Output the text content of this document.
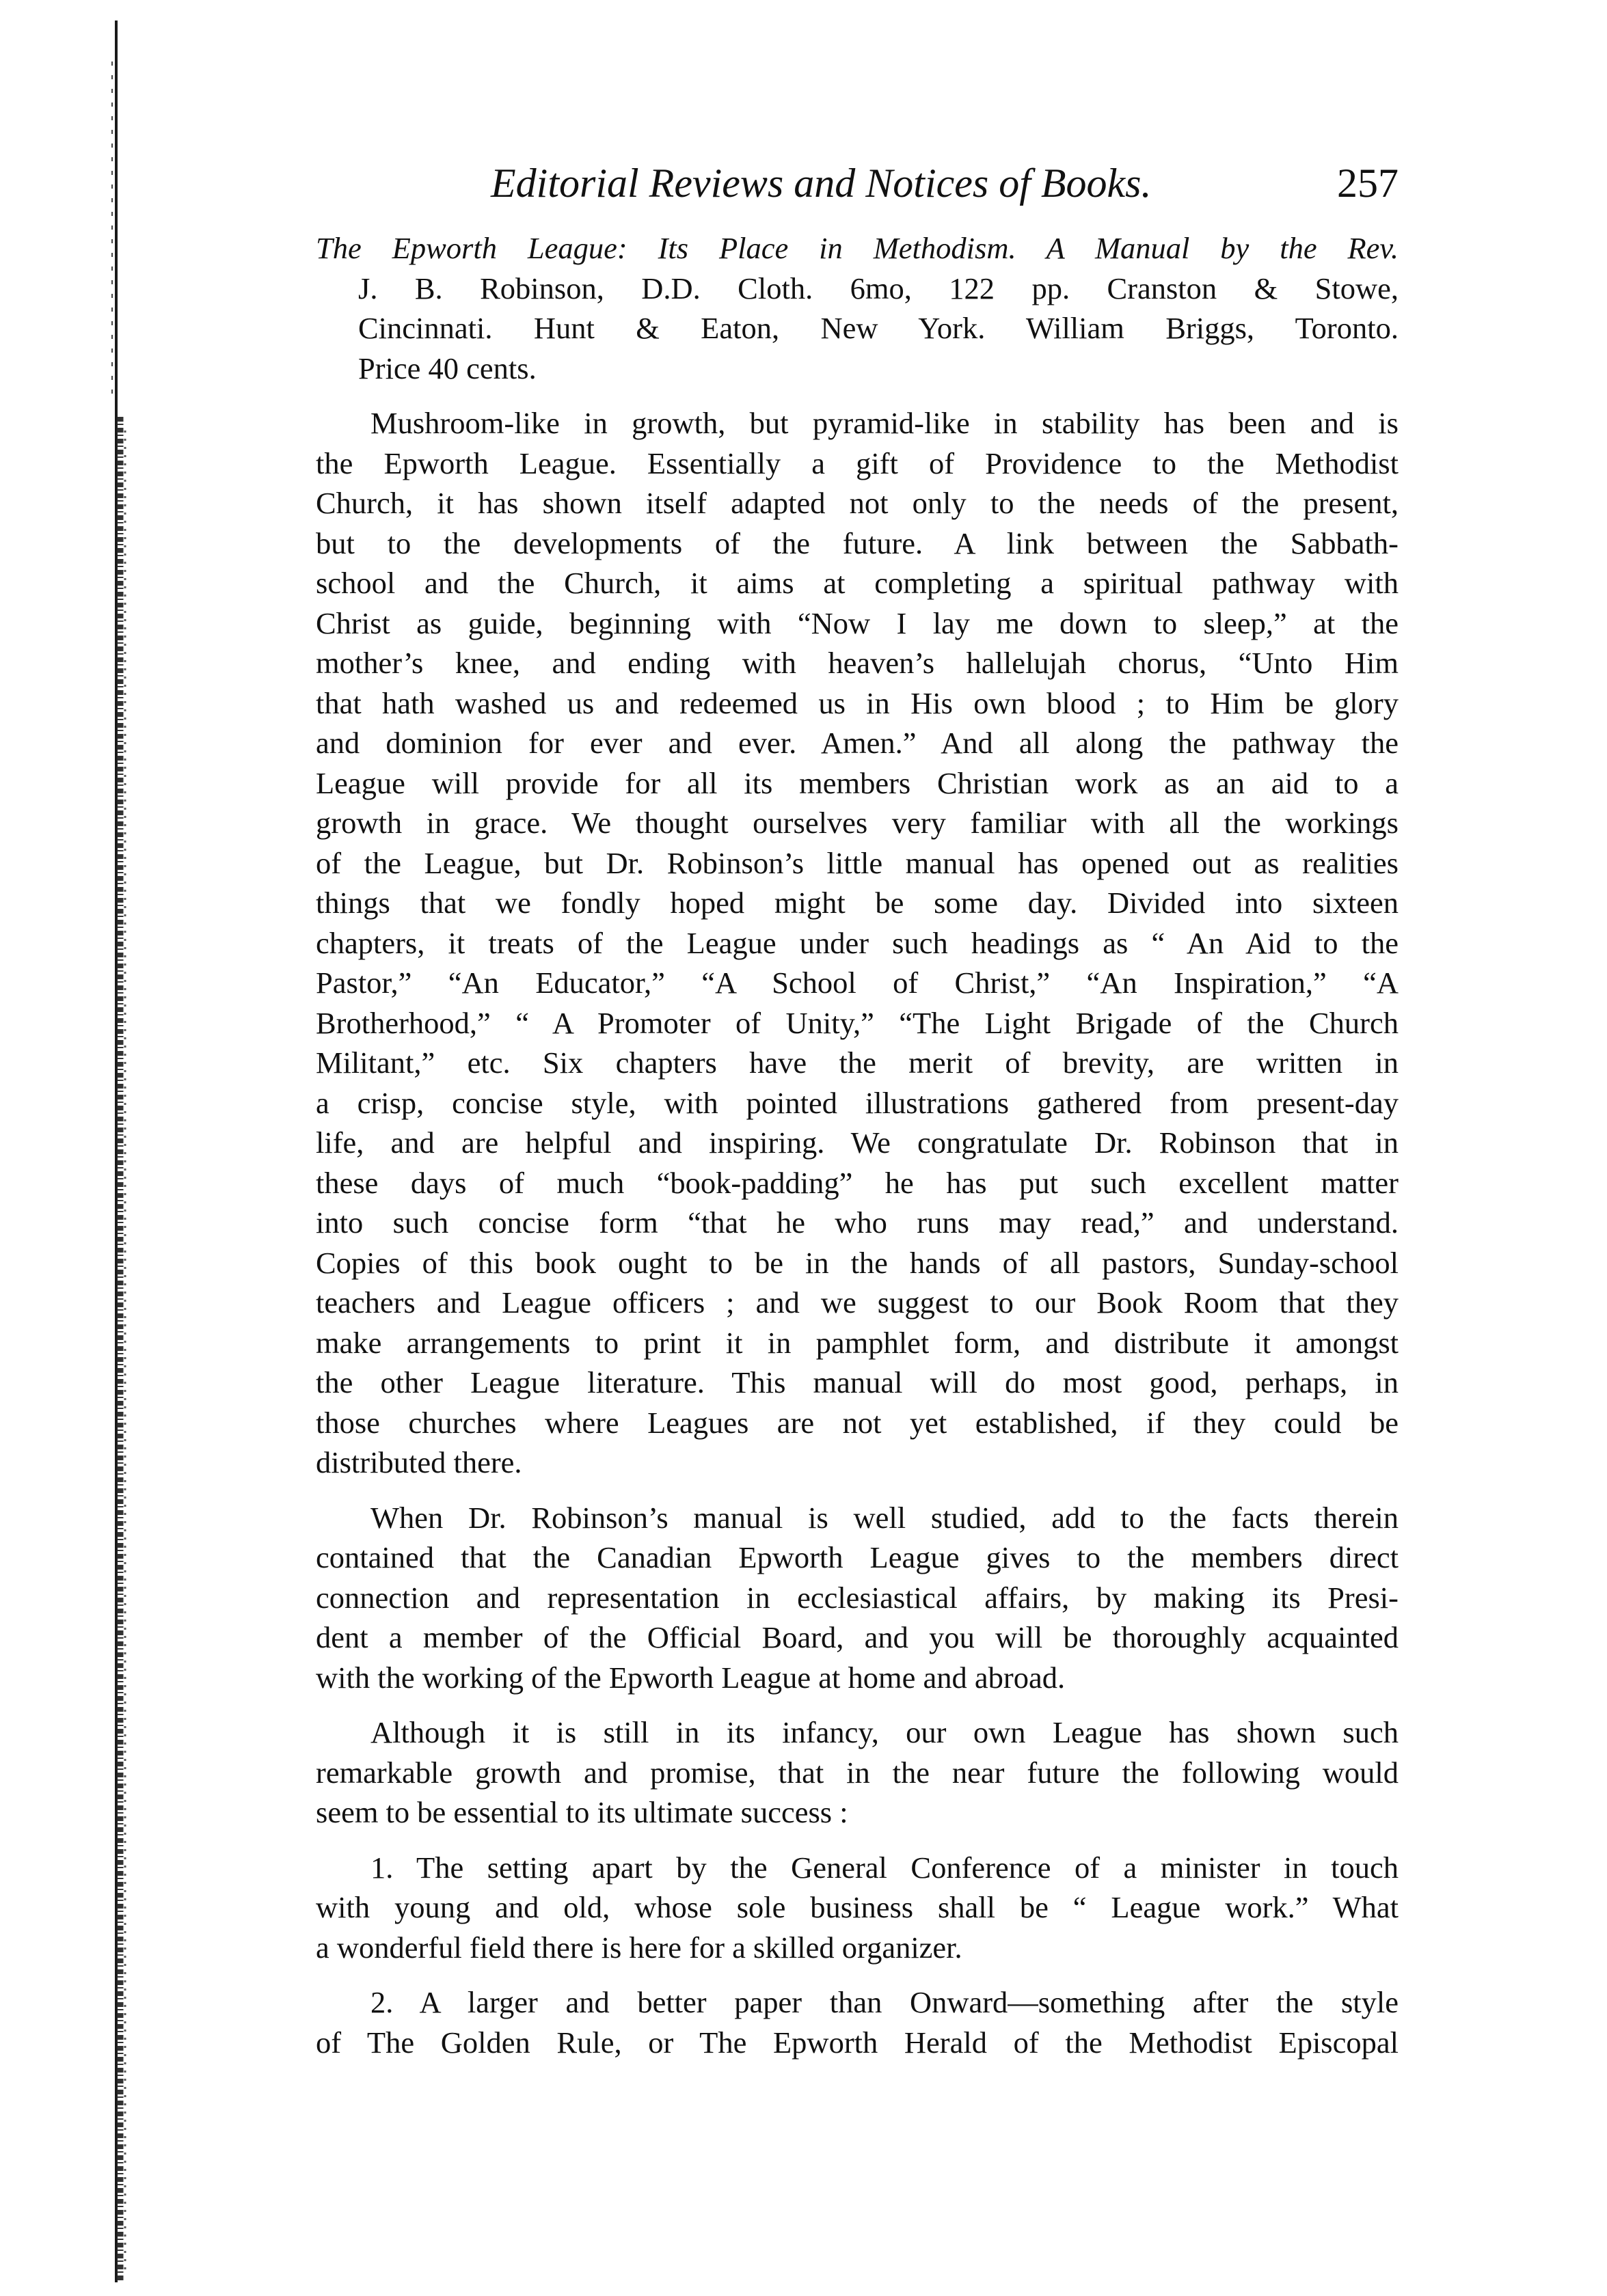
Editorial Reviews and Notices of Books.	257
The Epworth League: Its Place in Methodism. A Manual by the Rev.
J. B. Robinson, D.D. Cloth. 6mo, 122 pp. Cranston & Stowe,
Cincinnati. Hunt & Eaton, New York. William Briggs, Toronto.
Price 40 cents.
Mushroom-like in growth, but pyramid-like in stability has been and is
the Epworth League. Essentially a gift of Providence to the Methodist
Church, it has shown itself adapted not only to the needs of the present,
but to the developments of the future. A link between the Sabbath-
school and the Church, it aims at completing a spiritual pathway with
Christ as guide, beginning with “Now I lay me down to sleep,” at the
mother’s knee, and ending with heaven’s hallelujah chorus, “Unto Him
that hath washed us and redeemed us in His own blood ; to Him be glory
and dominion for ever and ever. Amen.” And all along the pathway the
League will provide for all its members Christian work as an aid to a
growth in grace. We thought ourselves very familiar with all the workings
of the League, but Dr. Robinson’s little manual has opened out as realities
things that we fondly hoped might be some day. Divided into sixteen
chapters, it treats of the League under such headings as “ An Aid to the
Pastor,” “An Educator,” “A School of Christ,” “An Inspiration,” “A
Brotherhood,” “ A Promoter of Unity,” “The Light Brigade of the Church
Militant,” etc. Six chapters have the merit of brevity, are written in
a crisp, concise style, with pointed illustrations gathered from present-day
life, and are helpful and inspiring. We congratulate Dr. Robinson that in
these days of much “book-padding” he has put such excellent matter
into such concise form “that he who runs may read,” and understand.
Copies of this book ought to be in the hands of all pastors, Sunday-school
teachers and League officers ; and we suggest to our Book Room that they
make arrangements to print it in pamphlet form, and distribute it amongst
the other League literature. This manual will do most good, perhaps, in
those churches where Leagues are not yet established, if they could be
distributed there.
When Dr. Robinson’s manual is well studied, add to the facts therein
contained that the Canadian Epworth League gives to the members direct
connection and representation in ecclesiastical affairs, by making its Presi-
dent a member of the Official Board, and you will be thoroughly acquainted
with the working of the Epworth League at home and abroad.
Although it is still in its infancy, our own League has shown such
remarkable growth and promise, that in the near future the following would
seem to be essential to its ultimate success :
1. The setting apart by the General Conference of a minister in touch
with young and old, whose sole business shall be “ League work.” What
a wonderful field there is here for a skilled organizer.
2. A larger and better paper than Onward—something after the style
of The Golden Rule, or The Epworth Herald of the Methodist Episcopal
